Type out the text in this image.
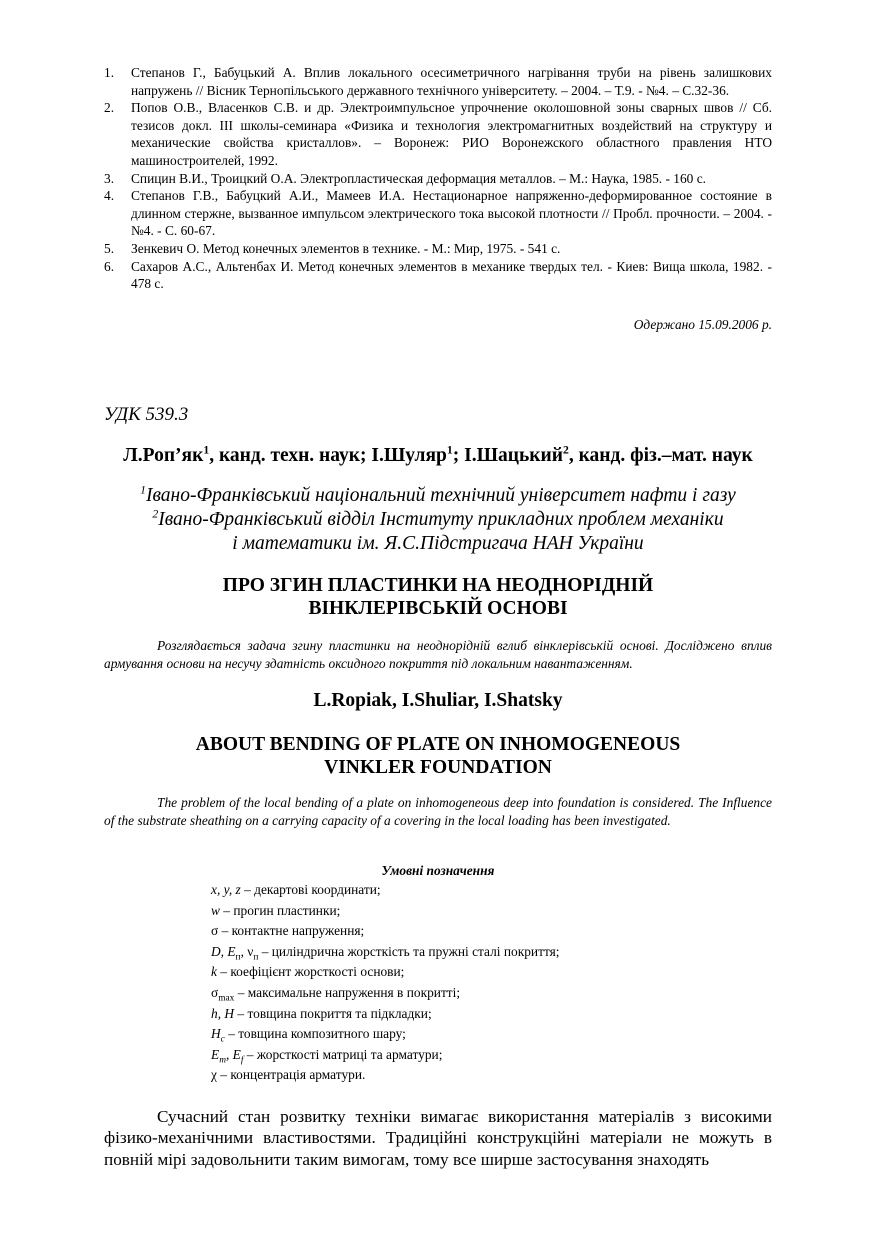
1. Степанов Г., Бабуцький А. Вплив локального осесиметричного нагрівання труби на рівень залишкових напружень // Вісник Тернопільського державного технічного університету. – 2004. – Т.9. - №4. – С.32-36.
2. Попов О.В., Власенков С.В. и др. Электроимпульсное упрочнение околошовной зоны сварных швов // Сб. тезисов докл. III школы-семинара «Физика и технология электромагнитных воздействий на структуру и механические свойства кристаллов». – Воронеж: РИО Воронежского областного правления НТО машиностроителей, 1992.
3. Спицин В.И., Троицкий О.А. Электропластическая деформация металлов. – М.: Наука, 1985. - 160 с.
4. Степанов Г.В., Бабуцкий А.И., Мамеев И.А. Нестационарное напряженно-деформированное состояние в длинном стержне, вызванное импульсом электрического тока высокой плотности // Пробл. прочности. – 2004. - №4. - С. 60-67.
5. Зенкевич О. Метод конечных элементов в технике. - М.: Мир, 1975. - 541 с.
6. Сахаров А.С., Альтенбах И. Метод конечных элементов в механике твердых тел. - Киев: Вища школа, 1982. - 478 с.
Одержано 15.09.2006 р.
УДК 539.3
$Л.Роп’як^1$, канд. техн. наук; І.Шуляр$^1$; І.Шацький$^2$, канд. фіз.–мат. наук
$^1$Івано-Франківський національний технічний університет нафти і газу
$^2$Івано-Франківський відділ Інституту прикладних проблем механіки
і математики ім. Я.С.Підстригача НАН України
ПРО ЗГИН ПЛАСТИНКИ НА НЕОДНОРІДНІЙ
ВІНКЛЕРІВСЬКІЙ ОСНОВІ
Розглядається задача згину пластинки на неоднорідній вглиб вінклерівській основі. Досліджено вплив армування основи на несучу здатність оксидного покриття під локальним навантаженням.
L.Ropiak, I.Shuliar, I.Shatsky
ABOUT BENDING OF PLATE ON INHOMOGENEOUS
VINKLER FOUNDATION
The problem of the local bending of a plate on inhomogeneous deep into foundation is considered. The Influence of the substrate sheathing on a carrying capacity of a covering in the local loading has been investigated.
Умовні позначення
x, y, z – декартові координати;
w – прогин пластинки;
σ – контактне напруження;
D, $E_п$, $\nu_п$ – циліндрична жорсткість та пружні сталі покриття;
k – коефіцієнт жорсткості основи;
$\sigma_{max}$ – максимальне напруження в покритті;
h, H – товщина покриття та підкладки;
$H_c$ – товщина композитного шару;
$E_m$, $E_f$ – жорсткості матриці та арматури;
χ – концентрація арматури.
Сучасний стан розвитку техніки вимагає використання матеріалів з високими фізико-механічними властивостями. Традиційні конструкційні матеріали не можуть в повній мірі задовольнити таким вимогам, тому все ширше застосування знаходять
